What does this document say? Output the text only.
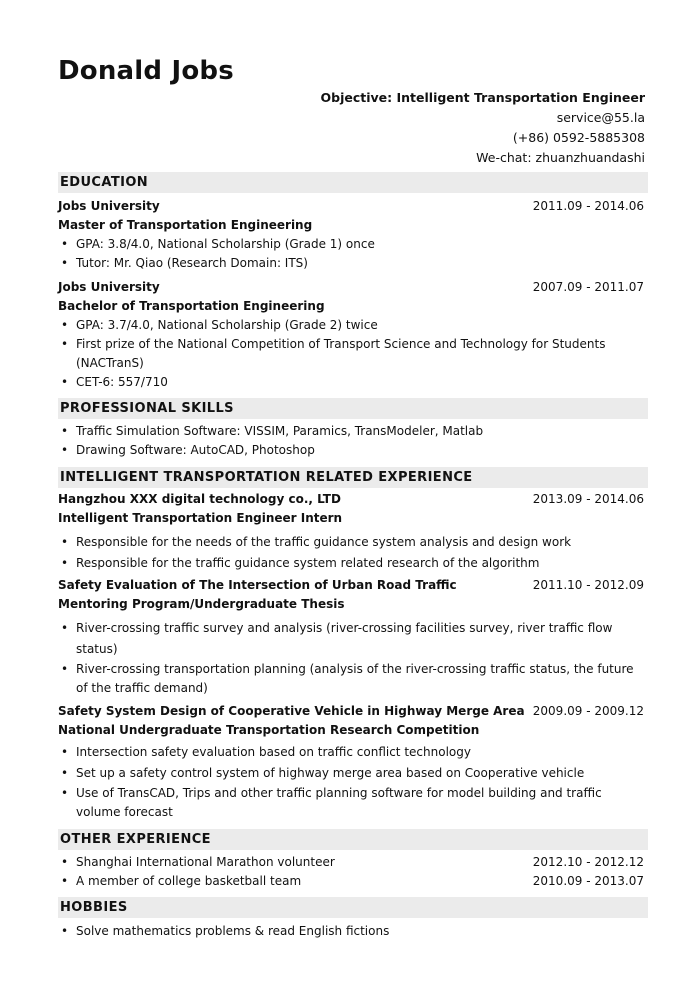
Donald Jobs
Objective: Intelligent Transportation Engineer
service@55.la
(+86) 0592-5885308
We-chat: zhuanzhuandashi
EDUCATION
Jobs University	2011.09 - 2014.06
Master of Transportation Engineering
• GPA: 3.8/4.0, National Scholarship (Grade 1) once
• Tutor: Mr. Qiao (Research Domain: ITS)
Jobs University	2007.09 - 2011.07
Bachelor of Transportation Engineering
• GPA: 3.7/4.0, National Scholarship (Grade 2) twice
• First prize of the National Competition of Transport Science and Technology for Students (NACTranS)
• CET-6: 557/710
PROFESSIONAL SKILLS
• Traffic Simulation Software: VISSIM, Paramics, TransModeler, Matlab
• Drawing Software: AutoCAD, Photoshop
INTELLIGENT TRANSPORTATION RELATED EXPERIENCE
Hangzhou XXX digital technology co., LTD	2013.09 - 2014.06
Intelligent Transportation Engineer Intern
• Responsible for the needs of the traffic guidance system analysis and design work
• Responsible for the traffic guidance system related research of the algorithm
Safety Evaluation of The Intersection of Urban Road Traffic	2011.10 - 2012.09
Mentoring Program/Undergraduate Thesis
• River-crossing traffic survey and analysis (river-crossing facilities survey, river traffic flow status)
• River-crossing transportation planning (analysis of the river-crossing traffic status, the future of the traffic demand)
Safety System Design of Cooperative Vehicle in Highway Merge Area 2009.09 - 2009.12
National Undergraduate Transportation Research Competition
• Intersection safety evaluation based on traffic conflict technology
• Set up a safety control system of highway merge area based on Cooperative vehicle
• Use of TransCAD, Trips and other traffic planning software for model building and traffic volume forecast
OTHER EXPERIENCE
• Shanghai International Marathon volunteer	2012.10 - 2012.12
• A member of college basketball team	2010.09 - 2013.07
HOBBIES
• Solve mathematics problems & read English fictions
